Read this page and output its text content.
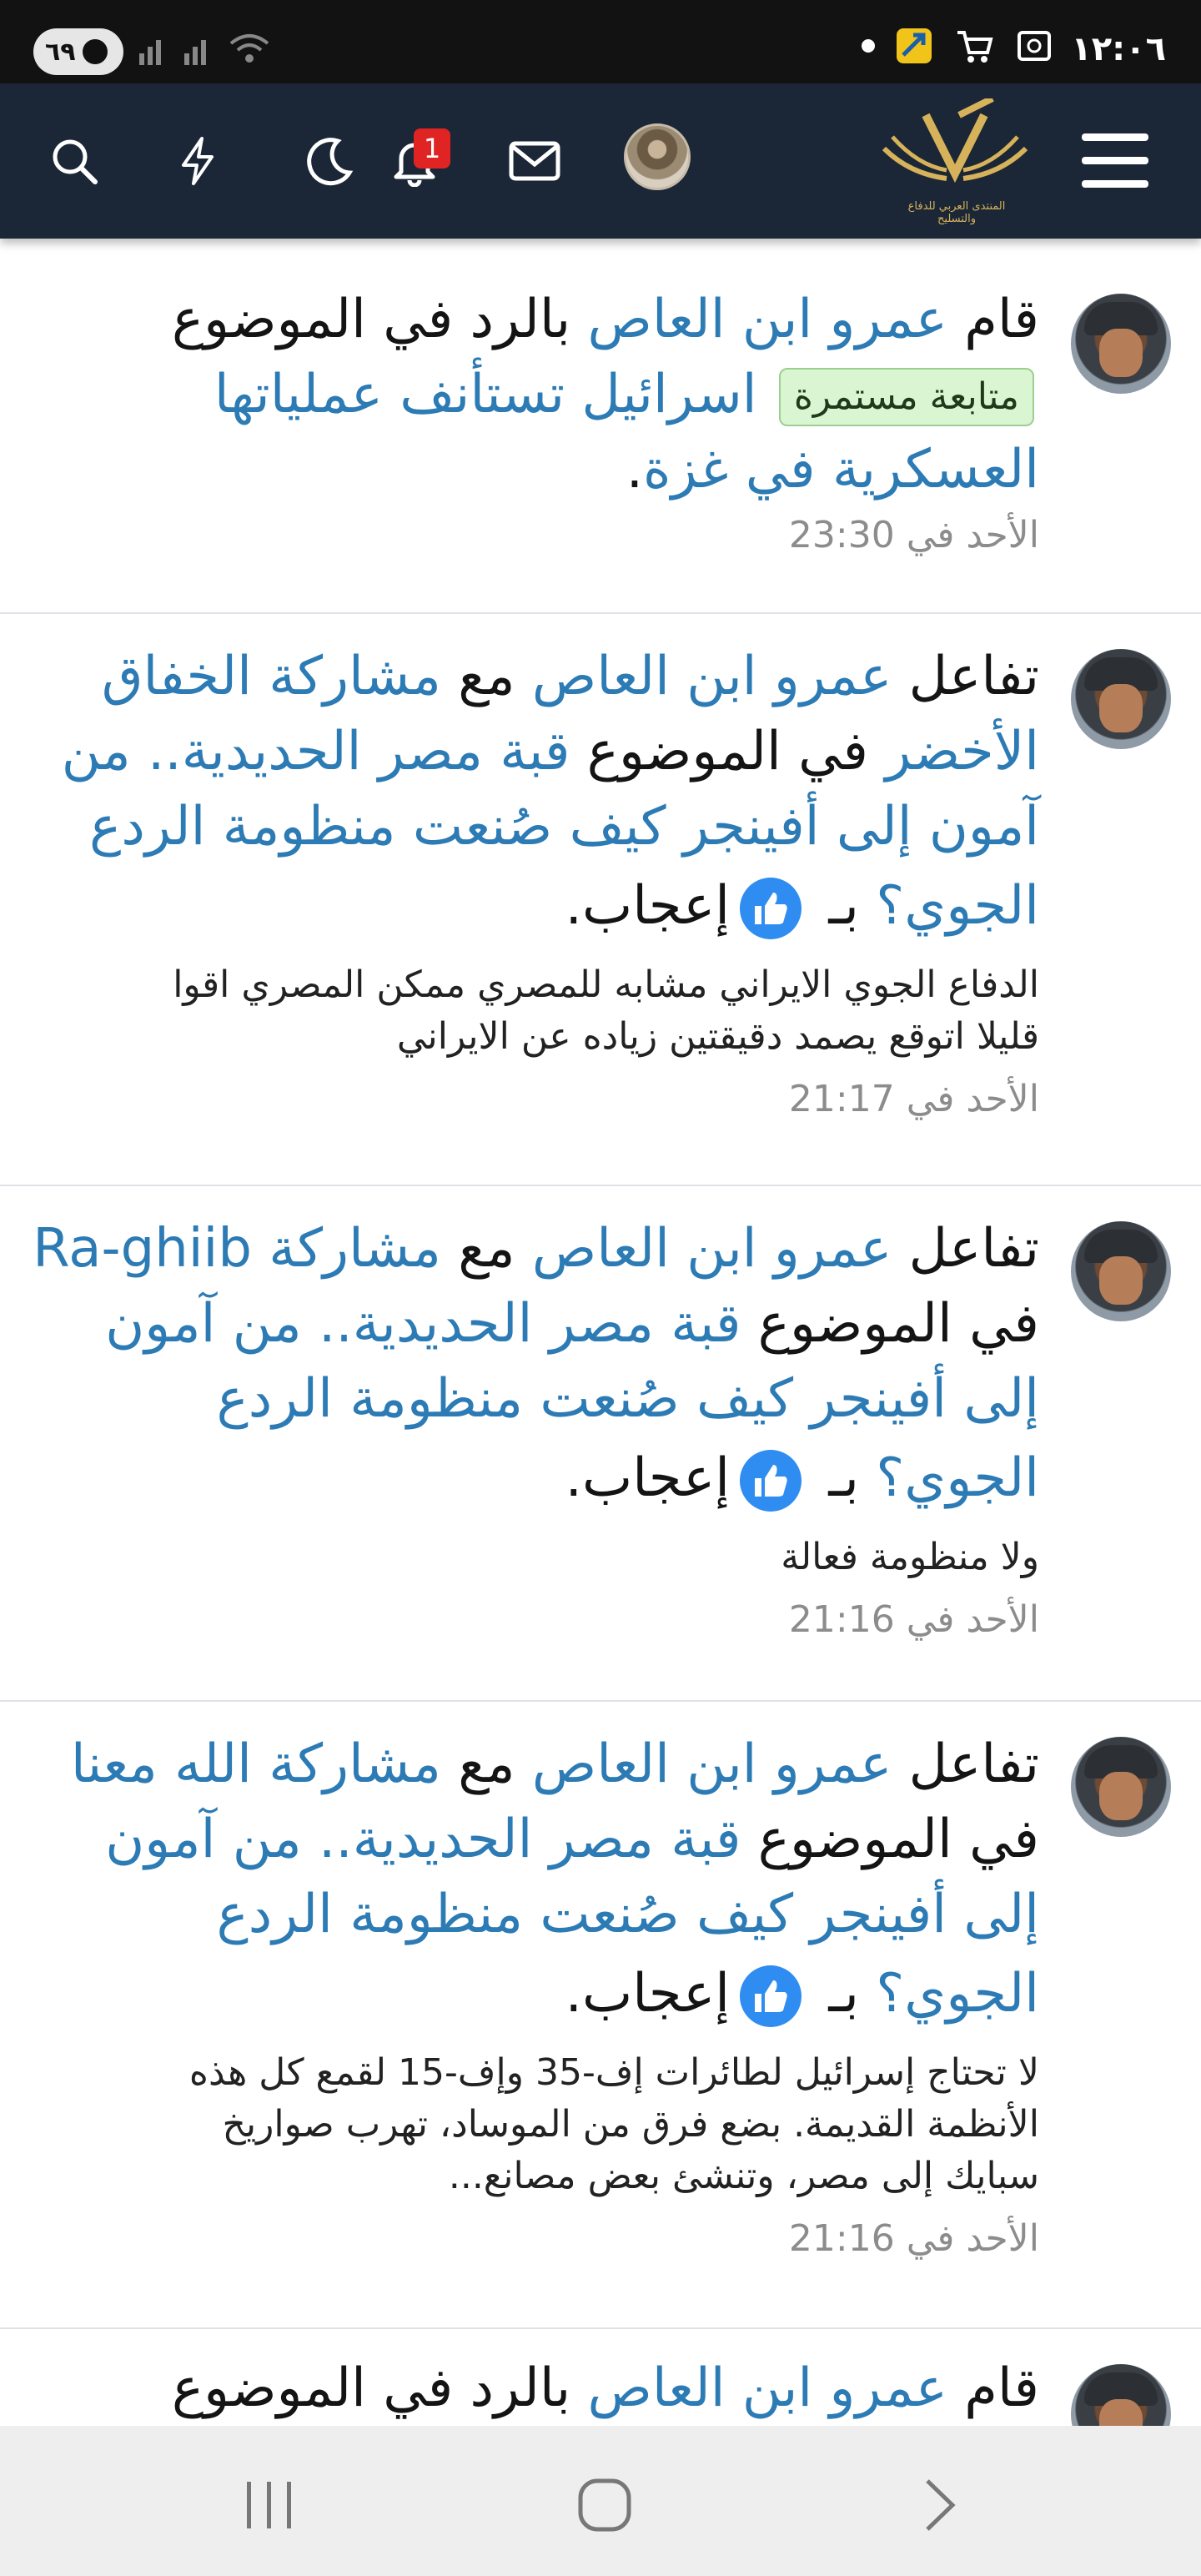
١٢:٠٦
٦٩
1
المنتدى العربي للدفاع والتسليح
قام عمرو ابن العاص بالرد في الموضوع
متابعة مستمرة اسرائيل تستأنف عملياتها
العسكرية في غزة.
الأحد في 23:30
تفاعل عمرو ابن العاص مع مشاركة الخفاق
الأخضر في الموضوع قبة مصر الحديدية.. من
آمون إلى أفينجر كيف صُنعت منظومة الردع
الجوي؟ بـ
إعجاب.
الدفاع الجوي الايراني مشابه للمصري ممكن المصري اقوا
قليلا اتوقع يصمد دقيقتين زياده عن الايراني
الأحد في 21:17
تفاعل عمرو ابن العاص مع مشاركة Ra-ghiib
في الموضوع قبة مصر الحديدية.. من آمون
إلى أفينجر كيف صُنعت منظومة الردع
الجوي؟ بـ
إعجاب.
ولا منظومة فعالة
الأحد في 21:16
تفاعل عمرو ابن العاص مع مشاركة الله معنا
في الموضوع قبة مصر الحديدية.. من آمون
إلى أفينجر كيف صُنعت منظومة الردع
الجوي؟ بـ
إعجاب.
لا تحتاج إسرائيل لطائرات إف-35 وإف-15 لقمع كل هذه
الأنظمة القديمة. بضع فرق من الموساد، تهرب صواريخ
سبايك إلى مصر، وتنشئ بعض مصانع...
الأحد في 21:16
قام عمرو ابن العاص بالرد في الموضوع
